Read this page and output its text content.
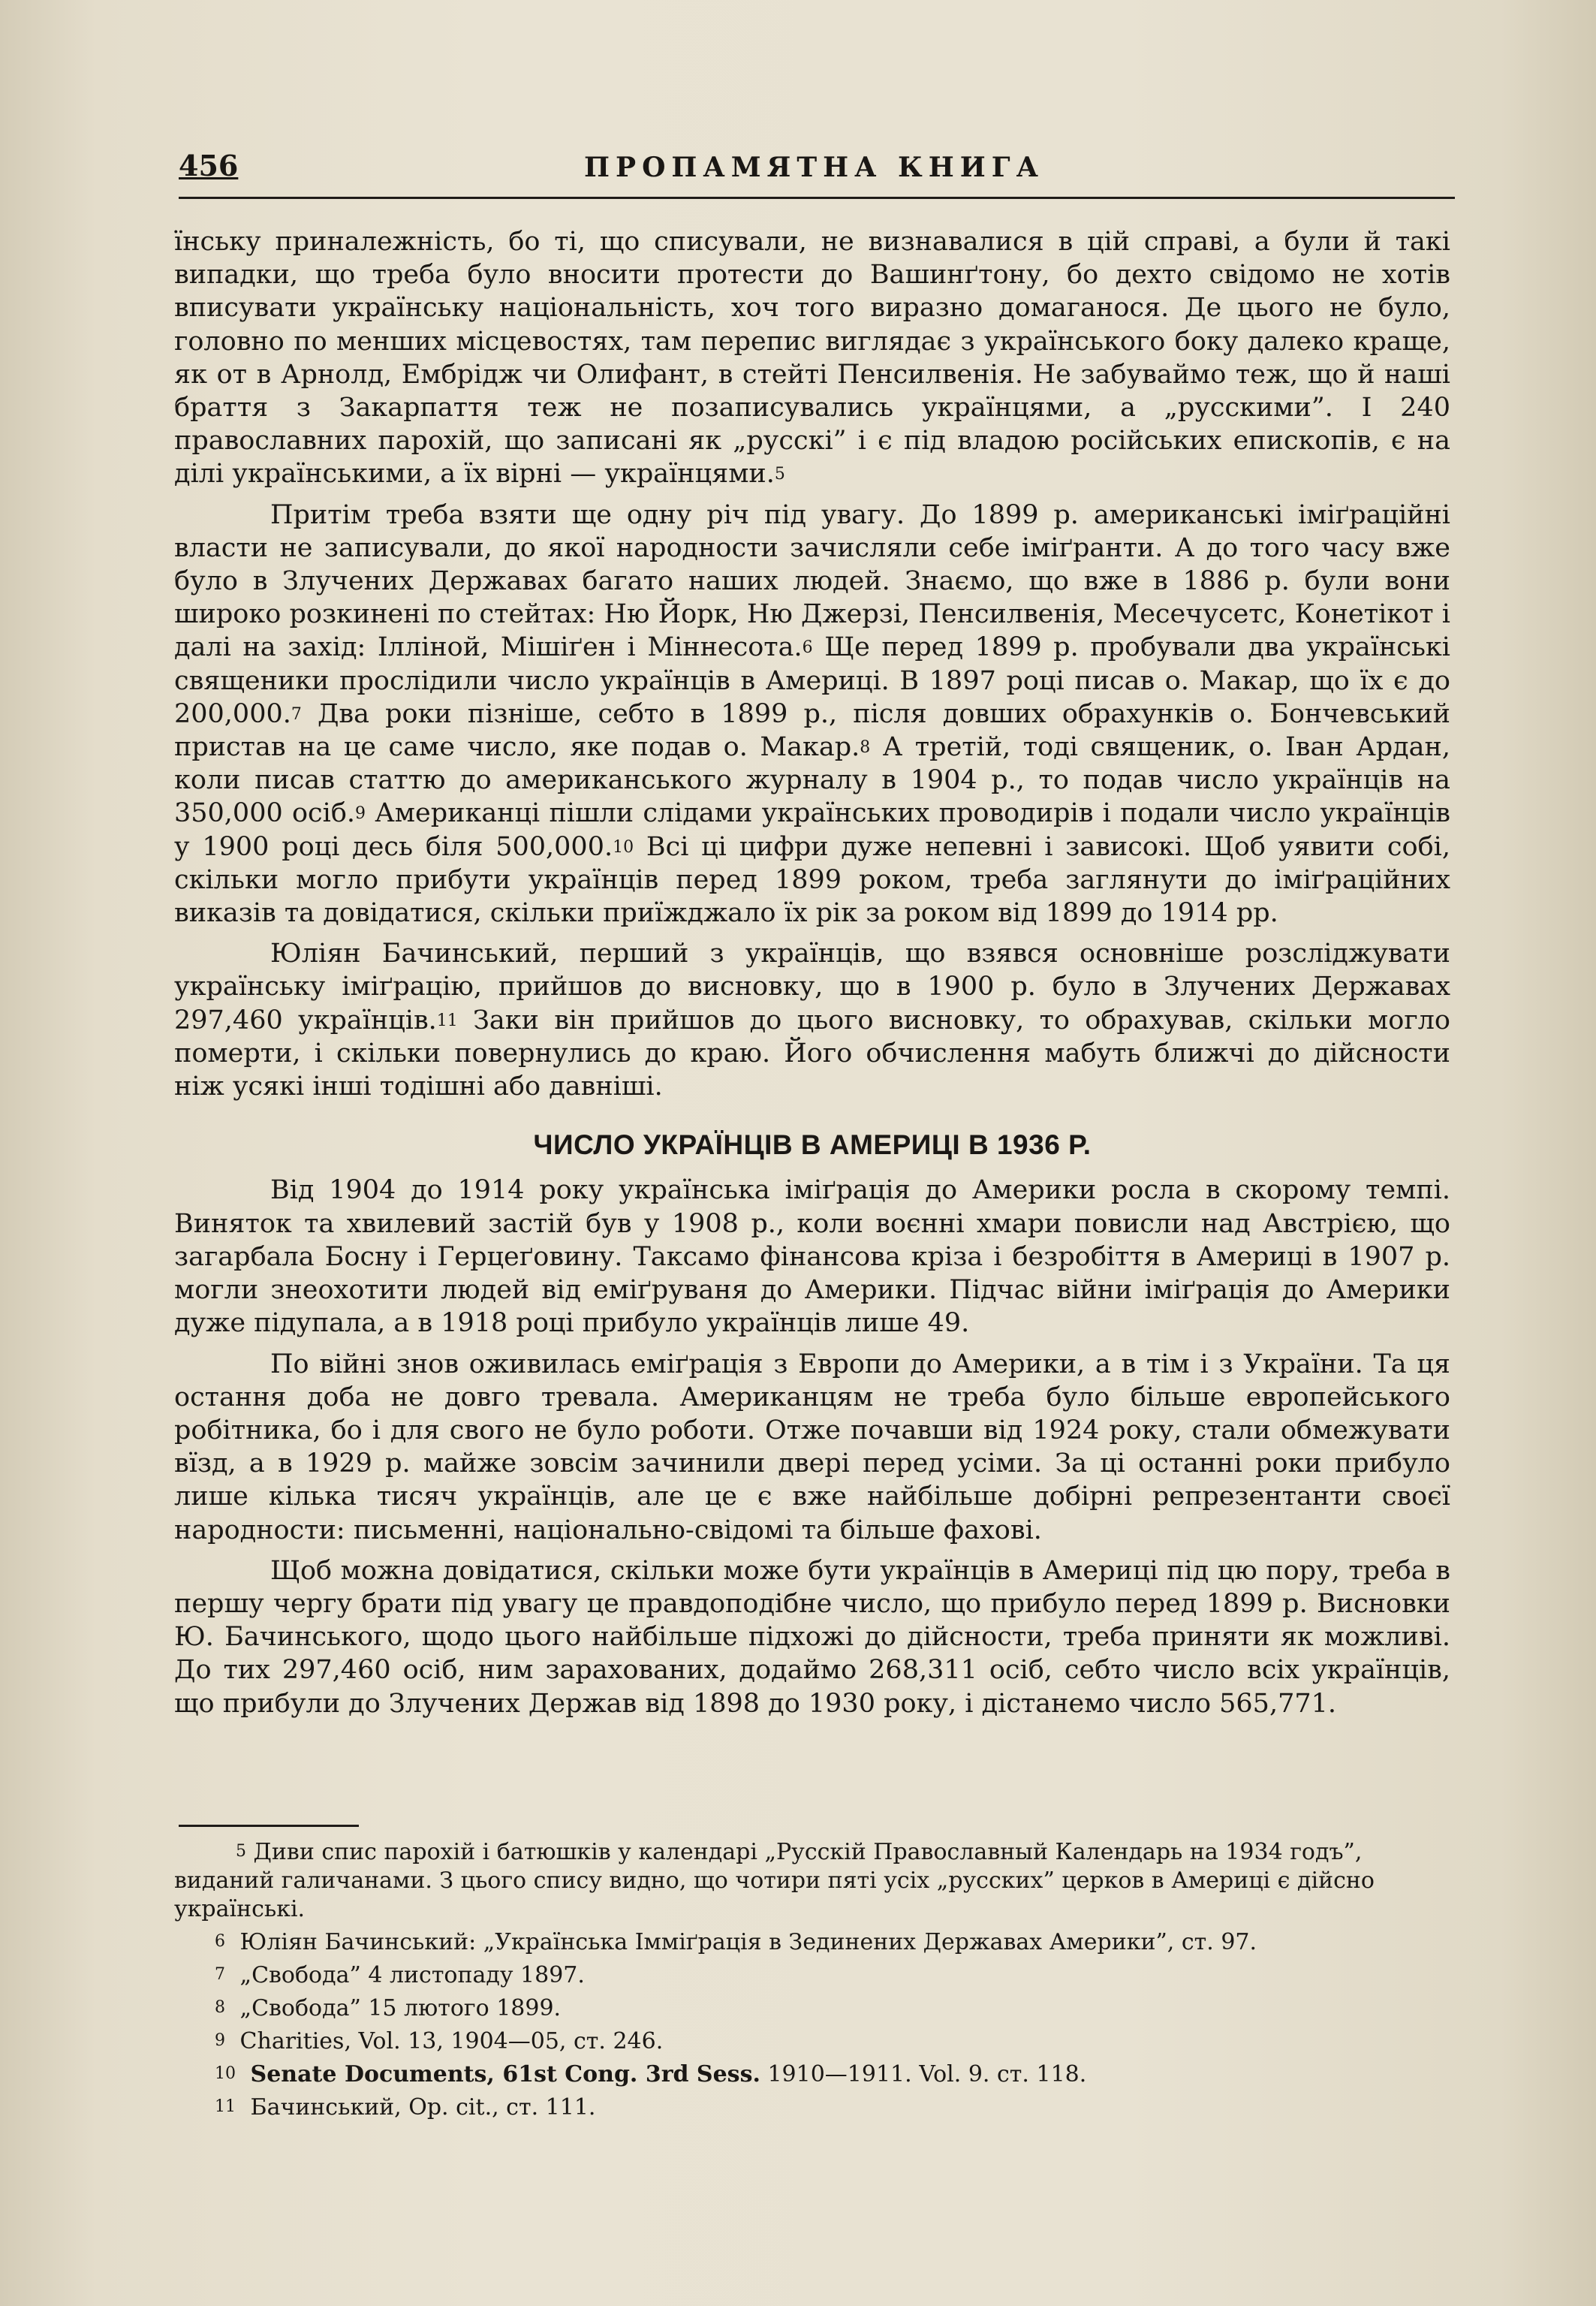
456	ПРОПАМЯТНА КНИГА

їнську приналежність, бо ті, що списували, не визнавалися в цій справі, а були й такі випадки, що треба було вносити протести до Вашинґтону, бо дехто свідомо не хотів вписувати українську національність, хоч того виразно домаганося. Де цього не було, головно по менших місцевостях, там перепис виглядає з українського боку далеко краще, як от в Арнолд, Ембрідж чи Олифант, в стейті Пенсилвенія. Не забуваймо теж, що й наші браття з Закарпаття теж не позаписувались українцями, а „русскими”. І 240 православних парохій, що записані як „русскі” і є під владою російських епископів, є на ділі українськими, а їх вірні — українцями.$^5$

Притім треба взяти ще одну річ під увагу. До 1899 р. американські іміґраційні власти не записували, до якої народности зачисляли себе іміґранти. А до того часу вже було в Злучених Державах багато наших людей. Знаємо, що вже в 1886 р. були вони широко розкинені по стейтах: Ню Йорк, Ню Джерзі, Пенсилвенія, Месечусетс, Конетікот і далі на захід: Ілліной, Мішіґен і Міннесота.$^6$ Ще перед 1899 р. пробували два українські священики прослідили число українців в Америці. В 1897 році писав о. Макар, що їх є до 200,000.$^7$ Два роки пізніше, себто в 1899 р., після довших обрахунків о. Бончевський пристав на це саме число, яке подав о. Макар.$^8$ А третій, тоді священик, о. Іван Ардан, коли писав статтю до американського журналу в 1904 р., то подав число українців на 350,000 осіб.$^9$ Американці пішли слідами українських проводирів і подали число українців у 1900 році десь біля 500,000.10 Всі ці цифри дуже непевні і зависокі. Щоб уявити собі, скільки могло прибути українців перед 1899 роком, треба заглянути до іміґраційних виказів та довідатися, скільки приїжджало їх рік за роком від 1899 до 1914 рр.

Юліян Бачинський, перший з українців, що взявся основніше розсліджувати українську іміґрацію, прийшов до висновку, що в 1900 р. було в Злучених Державах 297,460 українців.$^{11}$ Заки він прийшов до цього висновку, то обрахував, скільки могло померти, і скільки повернулись до краю. Його обчислення мабуть ближчі до дійсности ніж усякі інші тодішні або давніші.

ЧИСЛО УКРАЇНЦІВ В АМЕРИЦІ В 1936 Р.

Від 1904 до 1914 року українська іміґрація до Америки росла в скорому темпі. Виняток та хвилевий застій був у 1908 р., коли воєнні хмари повисли над Австрією, що загарбала Босну і Герцеґовину. Таксамо фінансова кріза і безробіття в Америці в 1907 р. могли знеохотити людей від еміґруваня до Америки. Підчас війни іміґрація до Америки дуже підупала, а в 1918 році прибуло українців лише 49.

По війні знов оживилась еміґрація з Европи до Америки, а в тім і з України. Та ця остання доба не довго тревала. Американцям не треба було більше европейського робітника, бо і для свого не було роботи. Отже почавши від 1924 року, стали обмежувати вїзд, а в 1929 р. майже зовсім зачинили двері перед усіми. За ці останні роки прибуло лише кілька тисяч українців, але це є вже найбільше добірні репрезентанти своєї народности: письменні, національно-свідомі та більше фахові.

Щоб можна довідатися, скільки може бути українців в Америці під цю пору, треба в першу чергу брати під увагу це правдоподібне число, що прибуло перед 1899 р. Висновки Ю. Бачинського, щодо цього найбільше підхожі до дійсности, треба приняти як можливі. До тих 297,460 осіб, ним зарахованих, додаймо 268,311 осіб, себто число всіх українців, що прибули до Злучених Держав від 1898 до 1930 року, і дістанемо число 565,771.

$^5$ Диви спис парохій і батюшків у календарі „Русскій Православный Календарь на 1934 годъ”, виданий галичанами. З цього спису видно, що чотири пяті усіх „русских” церков в Америці є дійсно українські.

$^6$ Юліян Бачинський: „Українська Імміґрація в Зединених Державах Америки”, ст. 97.

$^7$ „Свобода” 4 листопаду 1897.

$^8$ „Свобода” 15 лютого 1899.

$^9$ Charities, Vol. 13, 1904—05, ст. 246.

$^{10}$ Senate Documents, 61st Cong. 3rd Sess. 1910—1911. Vol. 9. ст. 118.

$^{11}$ Бачинський, Op. cit., ст. 111.
